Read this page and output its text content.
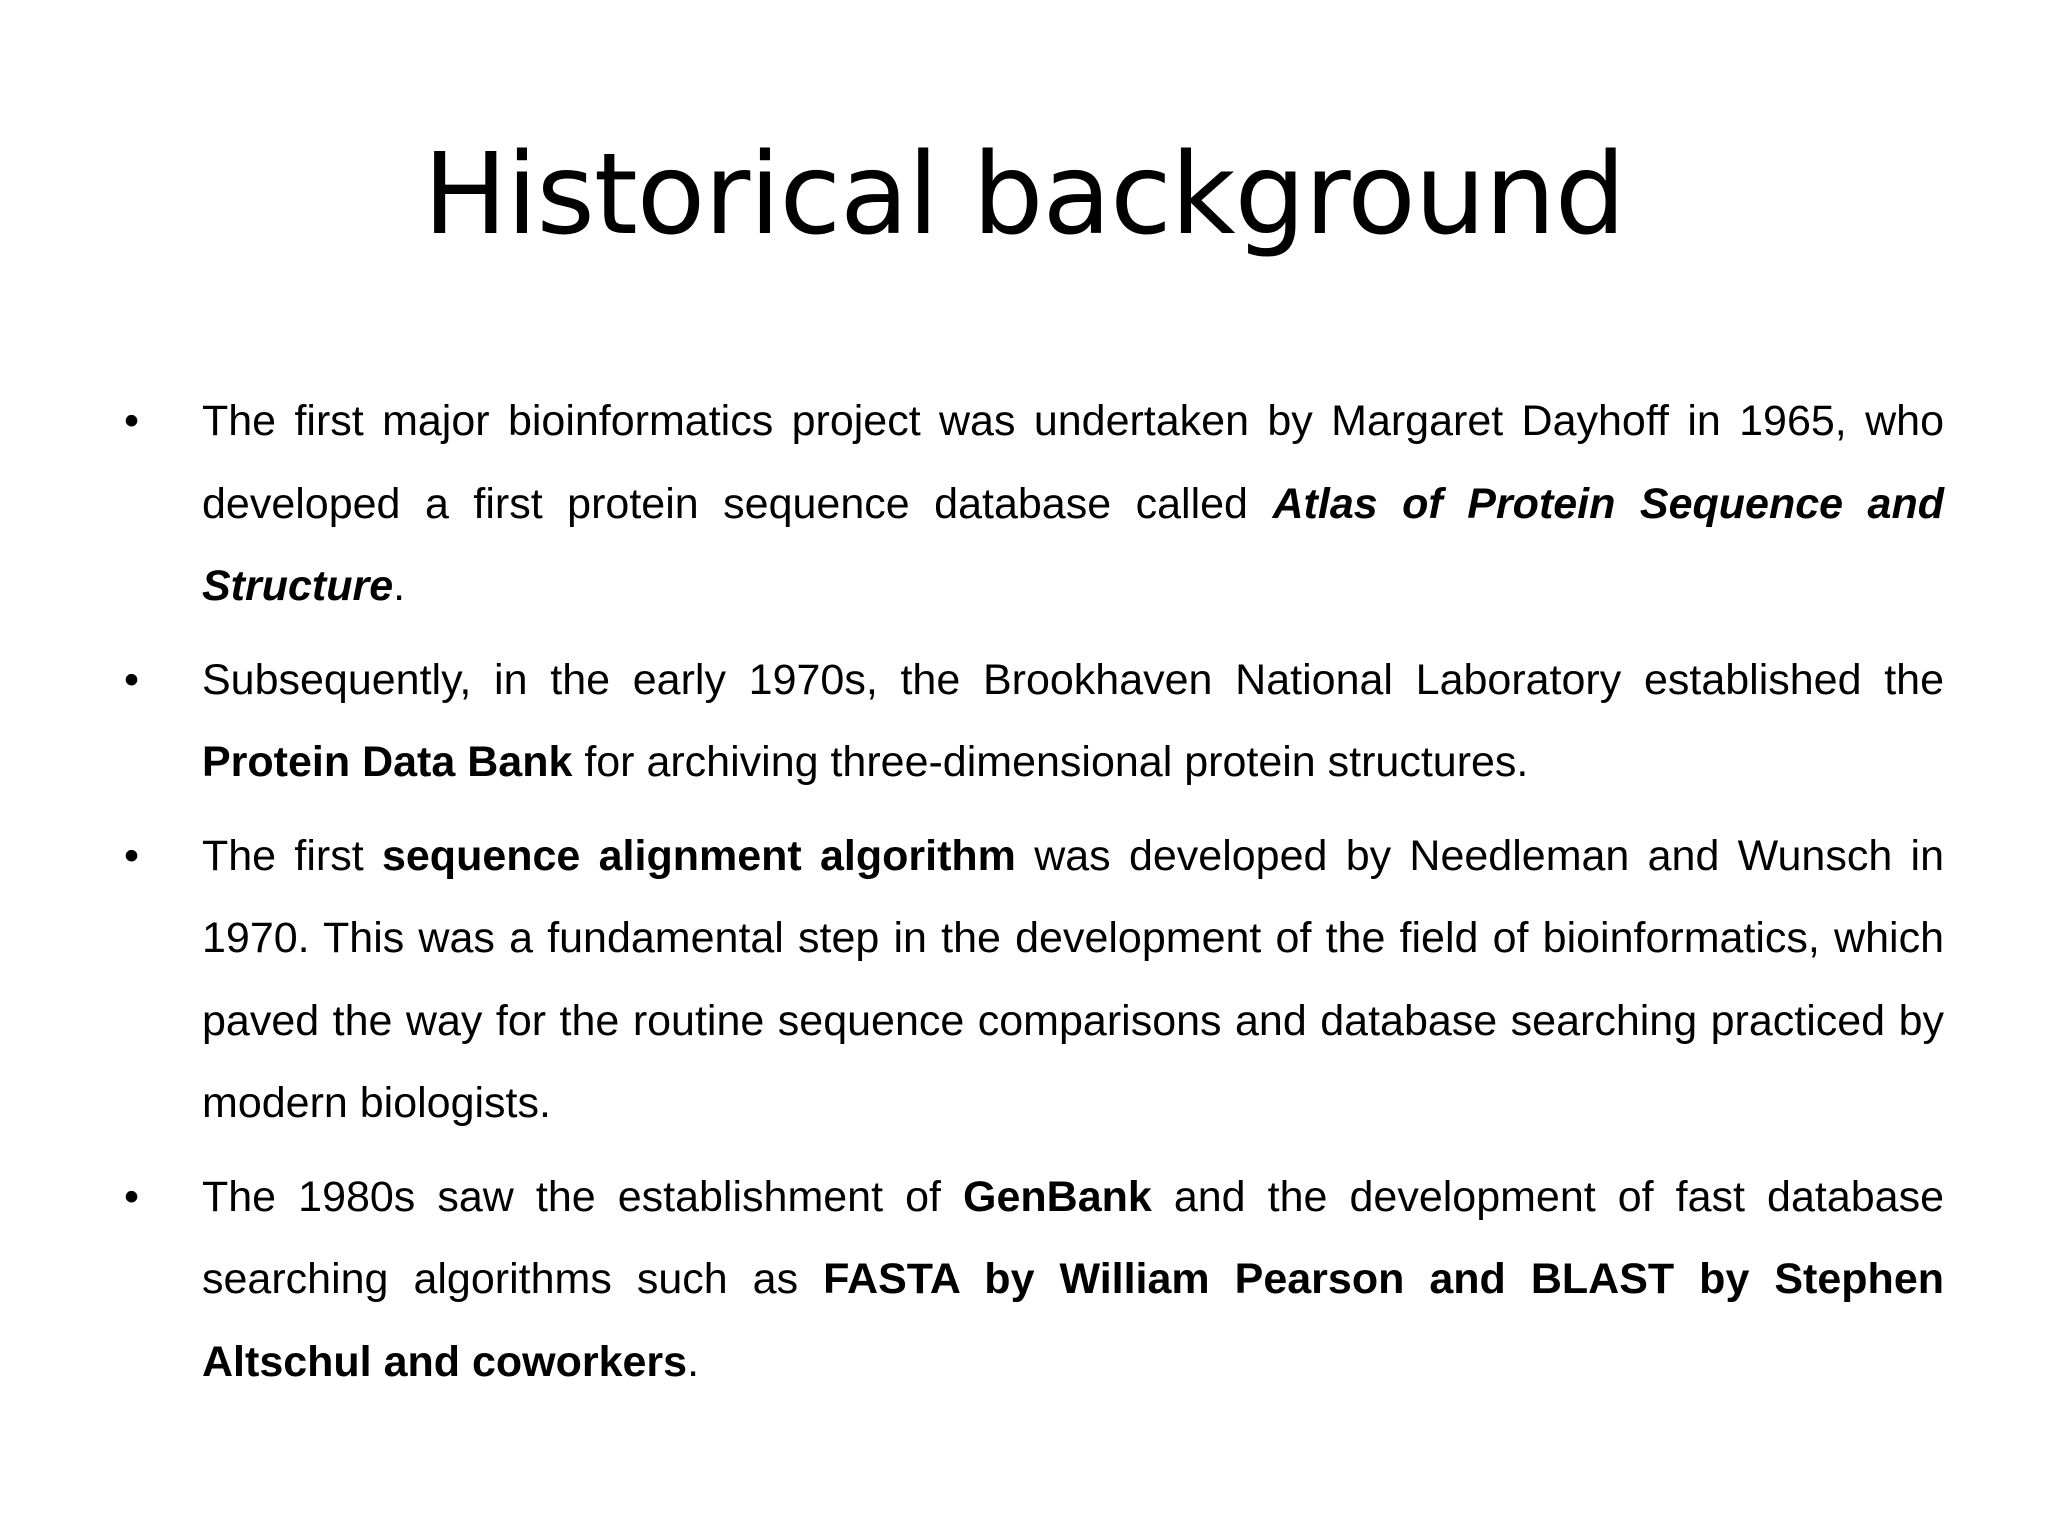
Historical background
• The first major bioinformatics project was undertaken by Margaret Dayhoff in 1965, who developed a first protein sequence database called Atlas of Protein Sequence and Structure.
• Subsequently, in the early 1970s, the Brookhaven National Laboratory established the Protein Data Bank for archiving three-dimensional protein structures.
• The first sequence alignment algorithm was developed by Needleman and Wunsch in 1970. This was a fundamental step in the development of the field of bioinformatics, which paved the way for the routine sequence comparisons and database searching practiced by modern biologists.
• The 1980s saw the establishment of GenBank and the development of fast database searching algorithms such as FASTA by William Pearson and BLAST by Stephen Altschul and coworkers.
